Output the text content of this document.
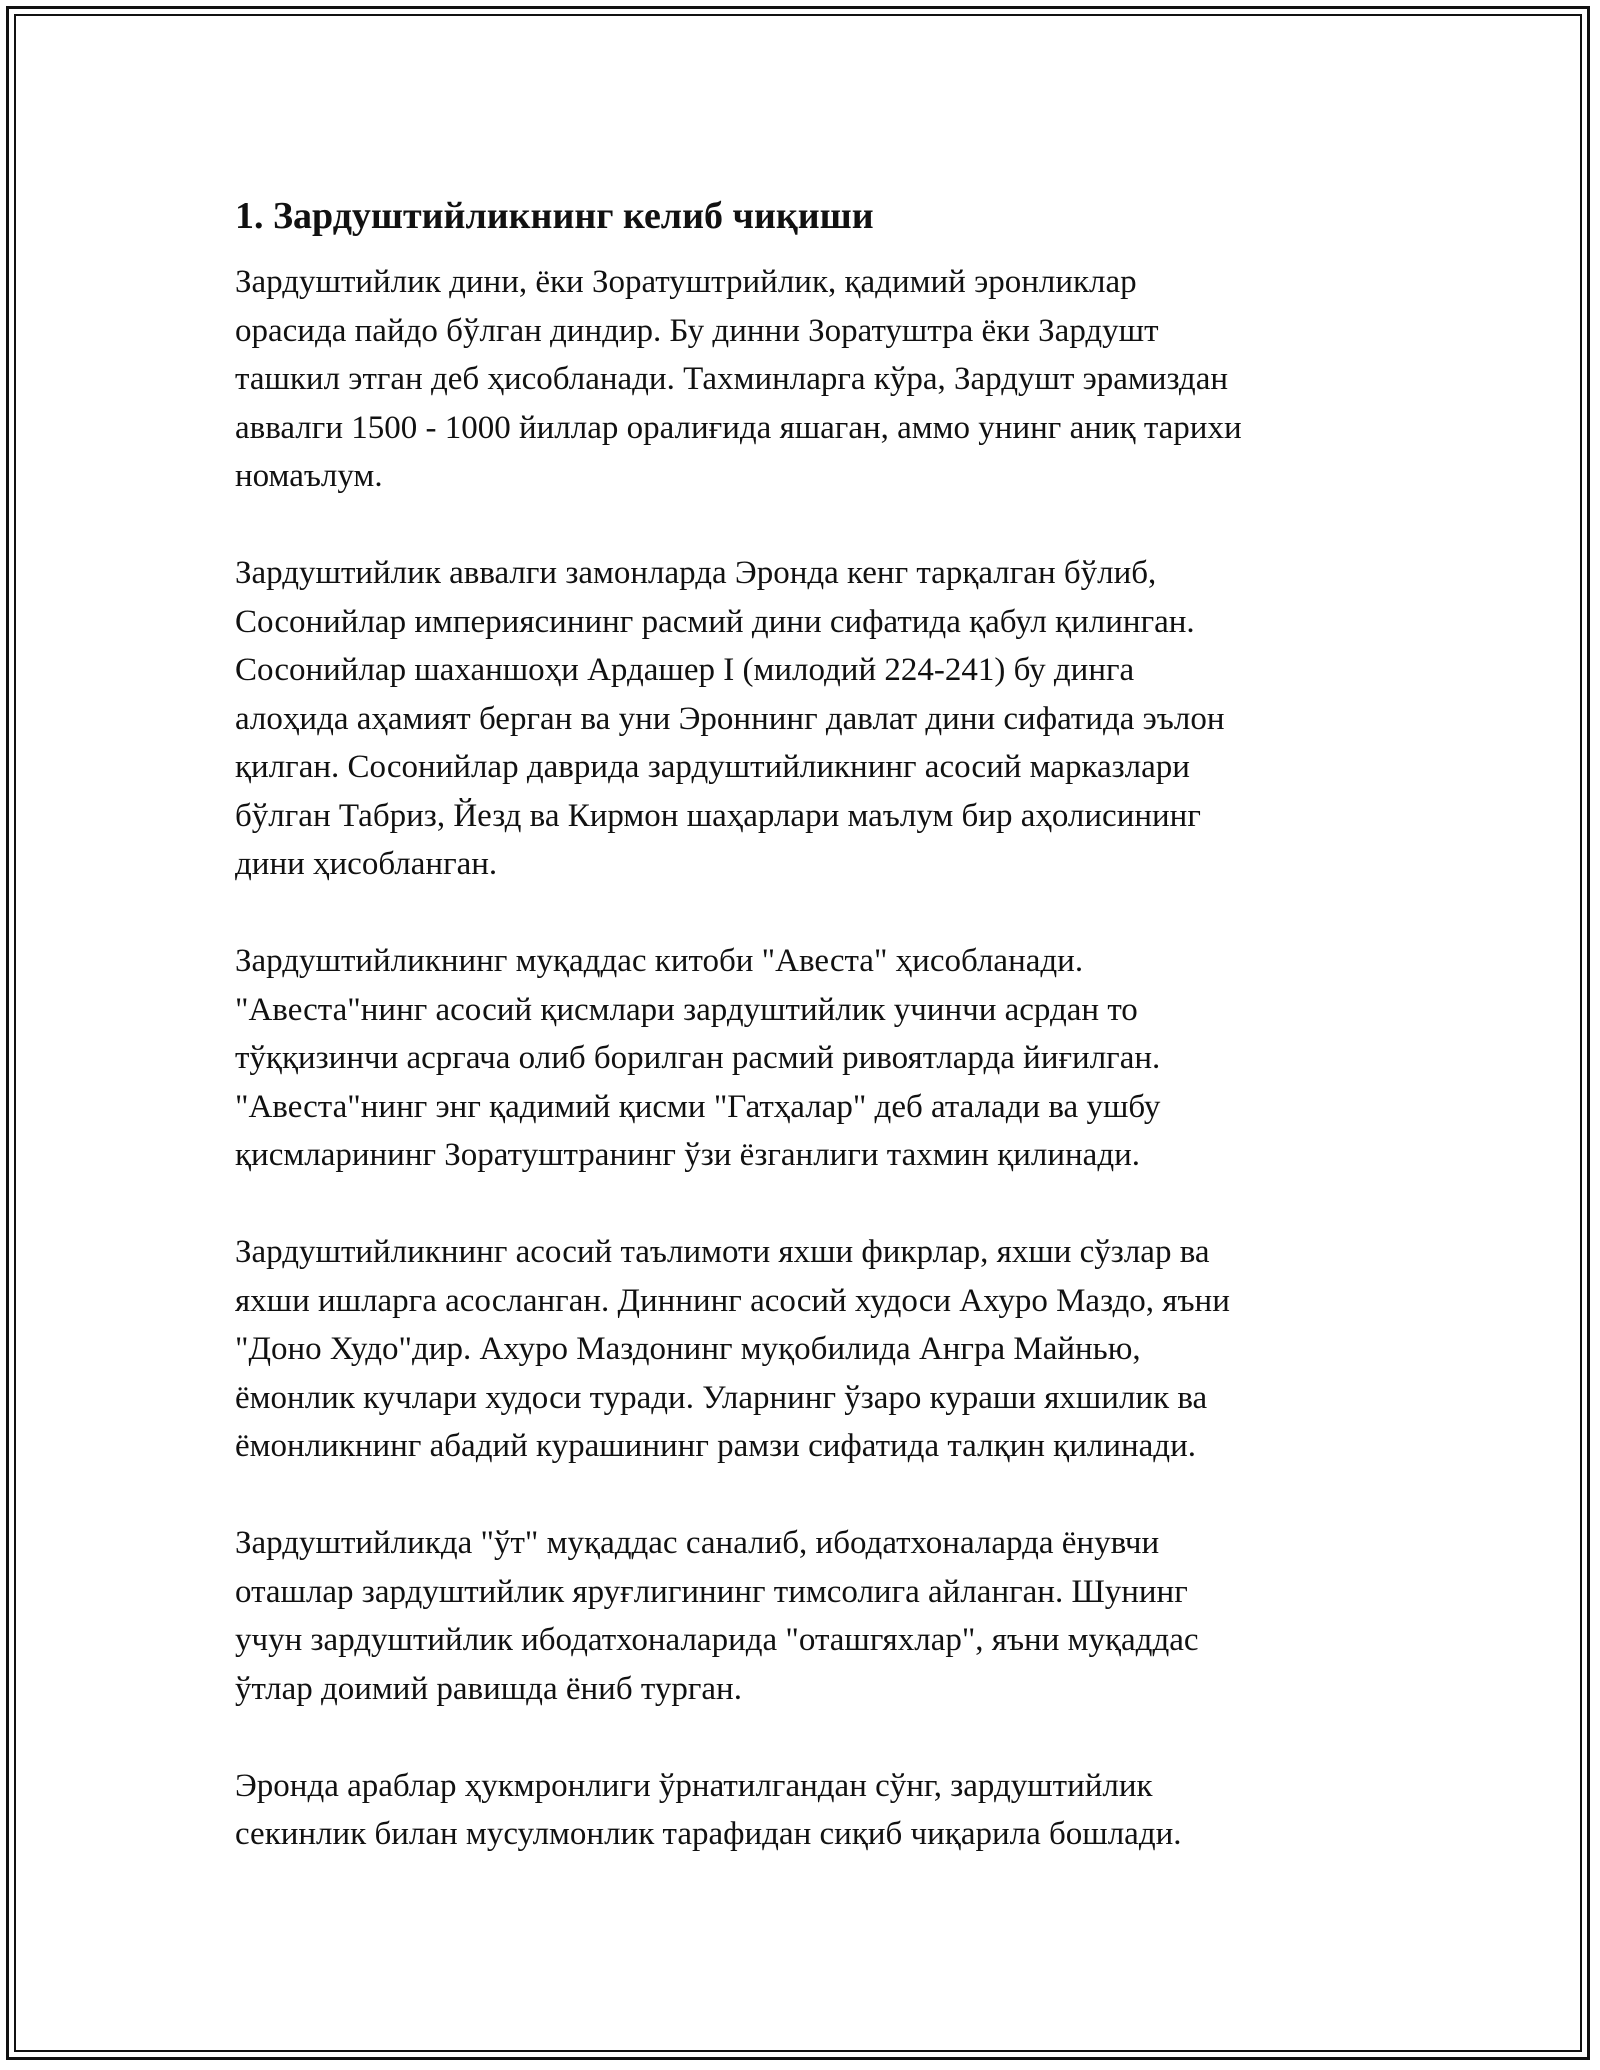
1. Зардуштийликнинг келиб чиқиши

Зардуштийлик дини, ёки Зоратуштрийлик, қадимий эронликлар
орасида пайдо бўлган диндир. Бу динни Зоратуштра ёки Зардушт
ташкил этган деб ҳисобланади. Тахминларга кўра, Зардушт эрамиздан
аввалги 1500 - 1000 йиллар оралиғида яшаган, аммо унинг аниқ тарихи
номаълум.

Зардуштийлик аввалги замонларда Эронда кенг тарқалган бўлиб,
Сосонийлар империясининг расмий дини сифатида қабул қилинган.
Сосонийлар шаханшоҳи Ардашер I (милодий 224-241) бу динга
алоҳида аҳамият берган ва уни Эроннинг давлат дини сифатида эълон
қилган. Сосонийлар даврида зардуштийликнинг асосий марказлари
бўлган Табриз, Йезд ва Кирмон шаҳарлари маълум бир аҳолисининг
дини ҳисобланган.

Зардуштийликнинг муқаддас китоби "Авеста" ҳисобланади.
"Авеста"нинг асосий қисмлари зардуштийлик учинчи асрдан то
тўққизинчи асргача олиб борилган расмий ривоятларда йиғилган.
"Авеста"нинг энг қадимий қисми "Гатҳалар" деб аталади ва ушбу
қисмларининг Зоратуштранинг ўзи ёзганлиги тахмин қилинади.

Зардуштийликнинг асосий таълимоти яхши фикрлар, яхши сўзлар ва
яхши ишларга асосланган. Диннинг асосий худоси Ахуро Маздо, яъни
"Доно Худо"дир. Ахуро Маздонинг муқобилида Ангра Майнью,
ёмонлик кучлари худоси туради. Уларнинг ўзаро кураши яхшилик ва
ёмонликнинг абадий курашининг рамзи сифатида талқин қилинади.

Зардуштийликда "ўт" муқаддас саналиб, ибодатхоналарда ёнувчи
оташлар зардуштийлик яруғлигининг тимсолига айланган. Шунинг
учун зардуштийлик ибодатхоналарида "оташгяхлар", яъни муқаддас
ўтлар доимий равишда ёниб турган.

Эронда араблар ҳукмронлиги ўрнатилгандан сўнг, зардуштийлик
секинлик билан мусулмонлик тарафидан сиқиб чиқарила бошлади.
